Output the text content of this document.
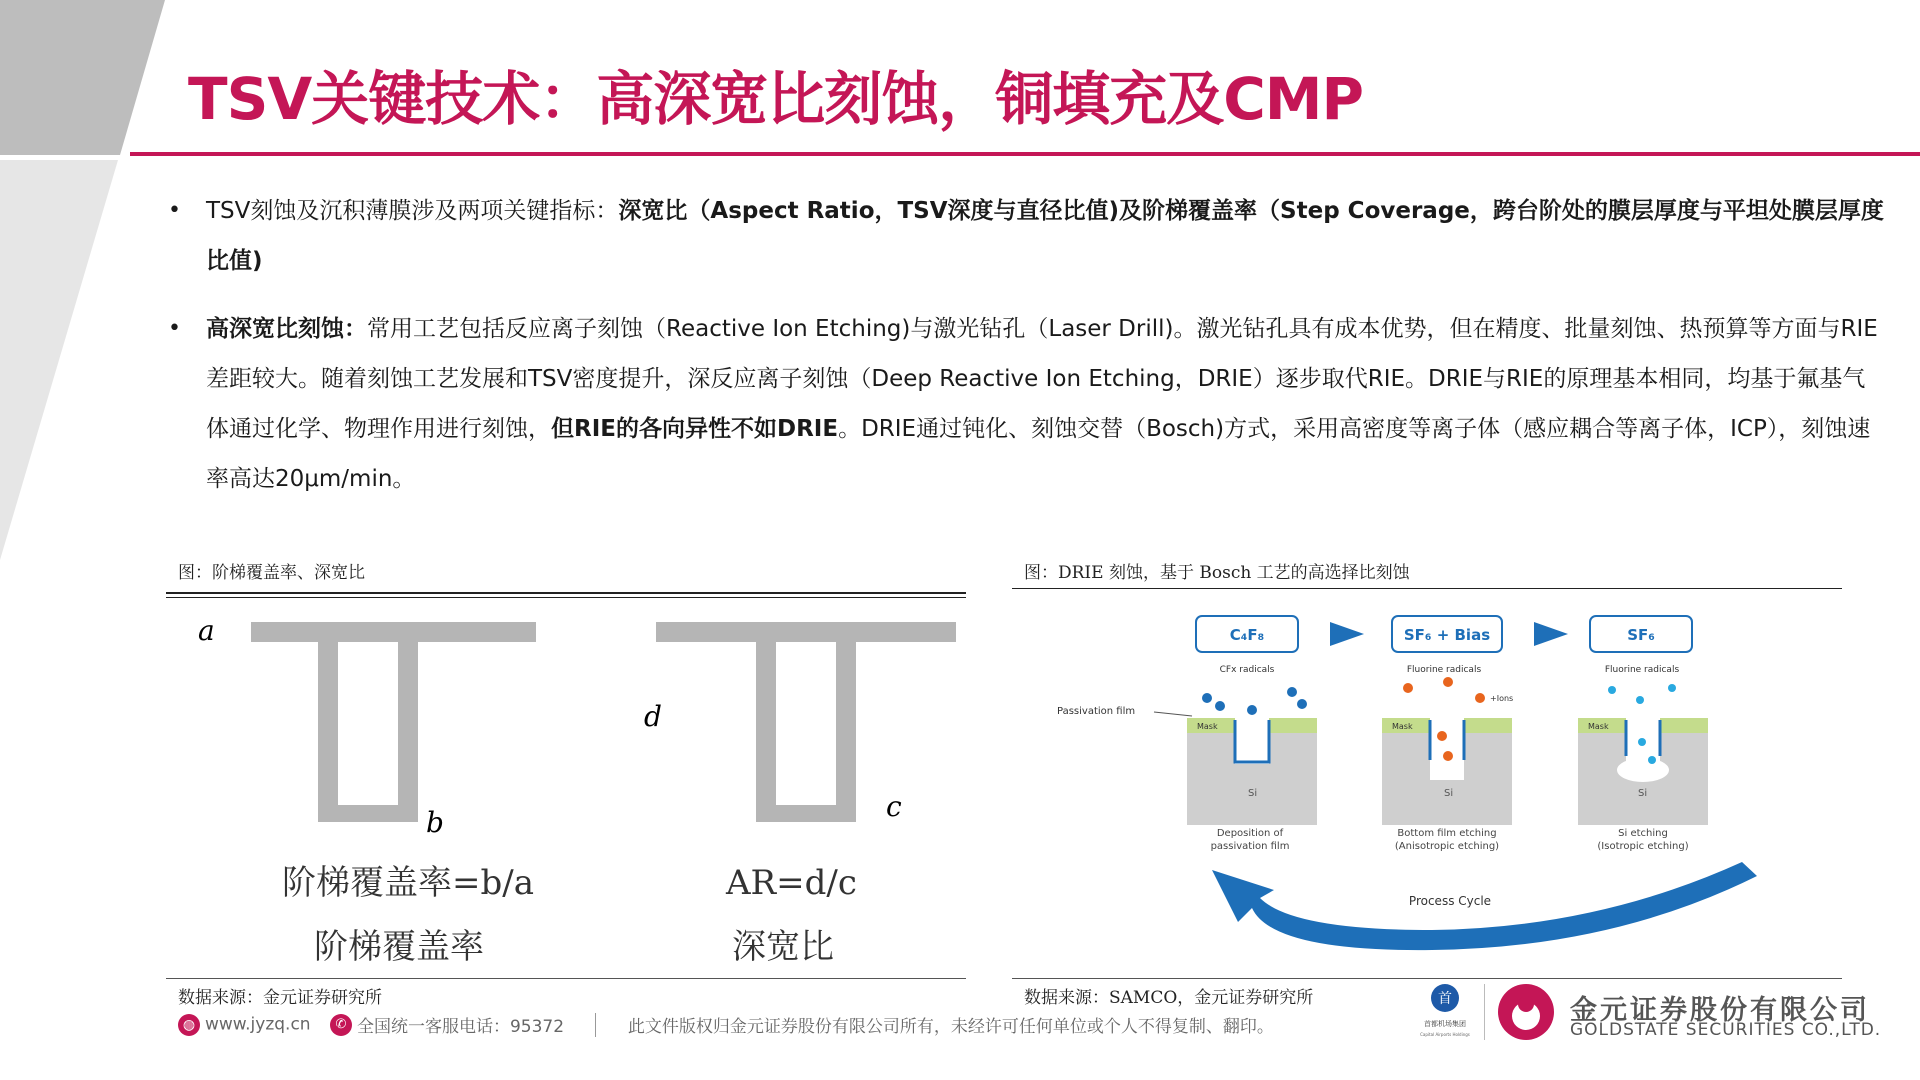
TSV关键技术：高深宽比刻蚀，铜填充及CMP
• TSV刻蚀及沉积薄膜涉及两项关键指标：深宽比（Aspect Ratio，TSV深度与直径比值)及阶梯覆盖率（Step Coverage，跨台阶处的膜层厚度与平坦处膜层厚度比值)
• 高深宽比刻蚀：常用工艺包括反应离子刻蚀（Reactive Ion Etching)与激光钻孔（Laser Drill)。激光钻孔具有成本优势，但在精度、批量刻蚀、热预算等方面与RIE差距较大。随着刻蚀工艺发展和TSV密度提升，深反应离子刻蚀（Deep Reactive Ion Etching，DRIE）逐步取代RIE。DRIE与RIE的原理基本相同，均基于氟基气体通过化学、物理作用进行刻蚀，但RIE的各向异性不如DRIE。DRIE通过钝化、刻蚀交替（Bosch)方式，采用高密度等离子体（感应耦合等离子体，ICP），刻蚀速率高达20μm/min。
图：阶梯覆盖率、深宽比
a
b	c
d
阶梯覆盖率=b/a
阶梯覆盖率
AR=d/c
深宽比
数据来源：金元证券研究所
图：DRIE 刻蚀，基于 Bosch 工艺的高选择比刻蚀
C₄F₈	SF₆ + Bias	SF₆
CFx radicals	Fluorine radicals	Fluorine radicals
+Ions
Passivation film
Mask
Si
Mask
Si
Mask
Si
Deposition of
passivation film
Bottom film etching
(Anisotropic etching)
Si etching
(Isotropic etching)
Process Cycle
数据来源：SAMCO，金元证券研究所
◍ www.jyzq.cn ✆ 全国统一客服电话：95372	此文件版权归金元证券股份有限公司所有，未经许可任何单位或个人不得复制、翻印。
首
首都机场集团
Capital Airports Holdings
金元证券股份有限公司
GOLDSTATE SECURITIES CO.,LTD.
